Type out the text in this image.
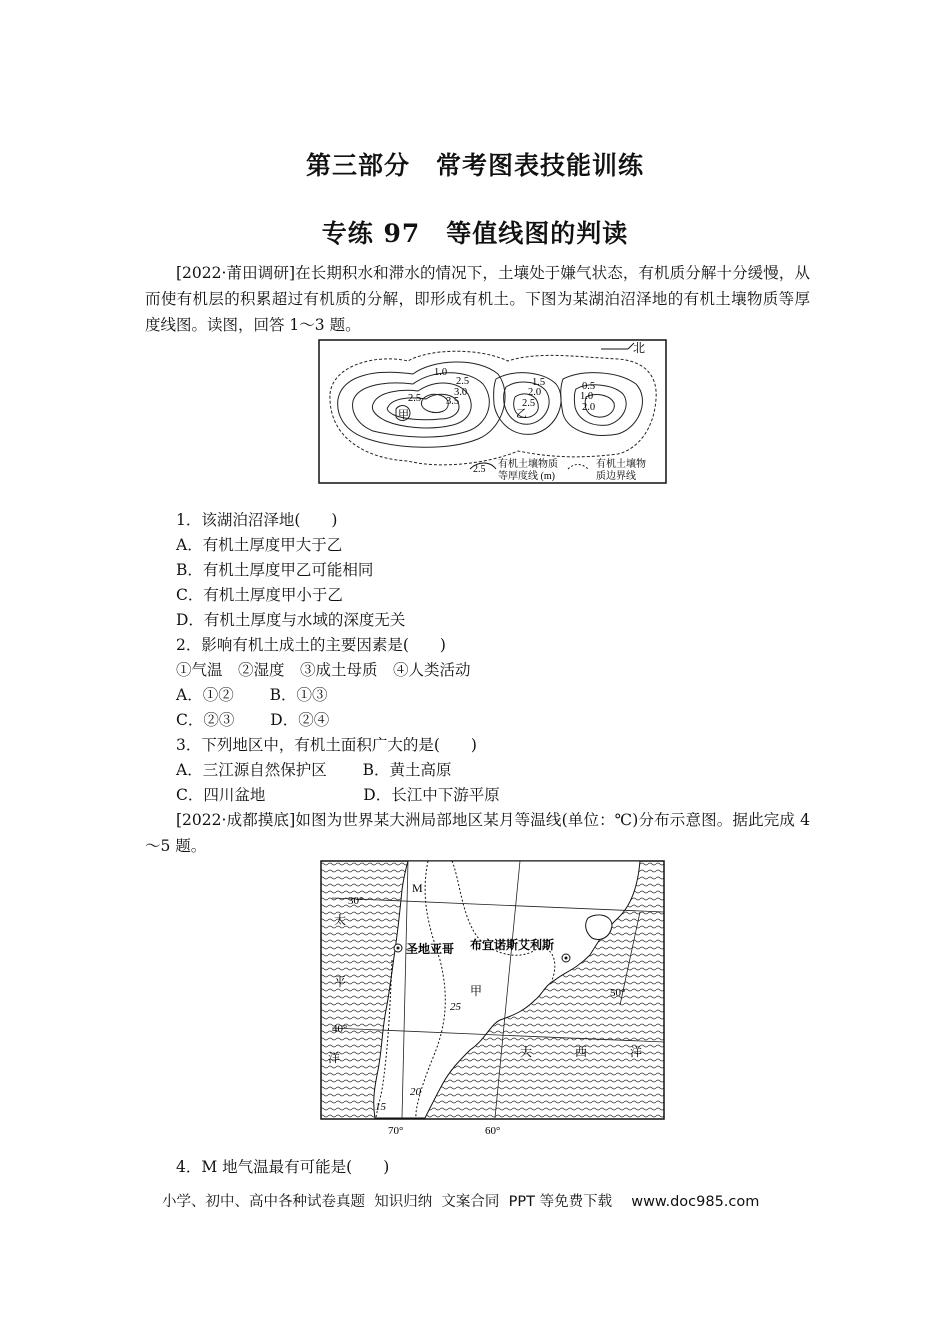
第三部分　常考图表技能训练
专练 97　等值线图的判读
[2022·莆田调研]在长期积水和滞水的情况下，土壤处于嫌气状态，有机质分解十分缓慢，从而使有机层的积累超过有机质的分解，即形成有机土。下图为某湖泊沼泽地的有机土壤物质等厚度线图。读图，回答 1～3 题。
北
1.0
2.5
3.0
3.5
2.5
1.5
2.0
2.5
0.5
1.0
2.0
甲	乙
2.5 有机土壤物质等厚度线 (m)
有机土壤物质边界线
1．该湖泊沼泽地(　　)
A．有机土厚度甲大于乙
B．有机土厚度甲乙可能相同
C．有机土厚度甲小于乙
D．有机土厚度与水域的深度无关
2．影响有机土成土的主要因素是(　　)
①气温　②湿度　③成土母质　④人类活动
A．①②　　 B．①③
C．②③　　 D．②④
3．下列地区中，有机土面积广大的是(　　)
A．三江源自然保护区　　 B．黄土高原
C．四川盆地　　　　　　 D．长江中下游平原
[2022·成都摸底]如图为世界某大洲局部地区某月等温线(单位：℃)分布示意图。据此完成 4～5 题。
M
圣地亚哥 布宜诺斯艾利斯
甲
25
20
15
30°
40°
50°
70°	60°
太
平
洋	大	西	洋
4．M 地气温最有可能是(　　)
小学、初中、高中各种试卷真题  知识归纳  文案合同  PPT 等免费下载　 www.doc985.com
